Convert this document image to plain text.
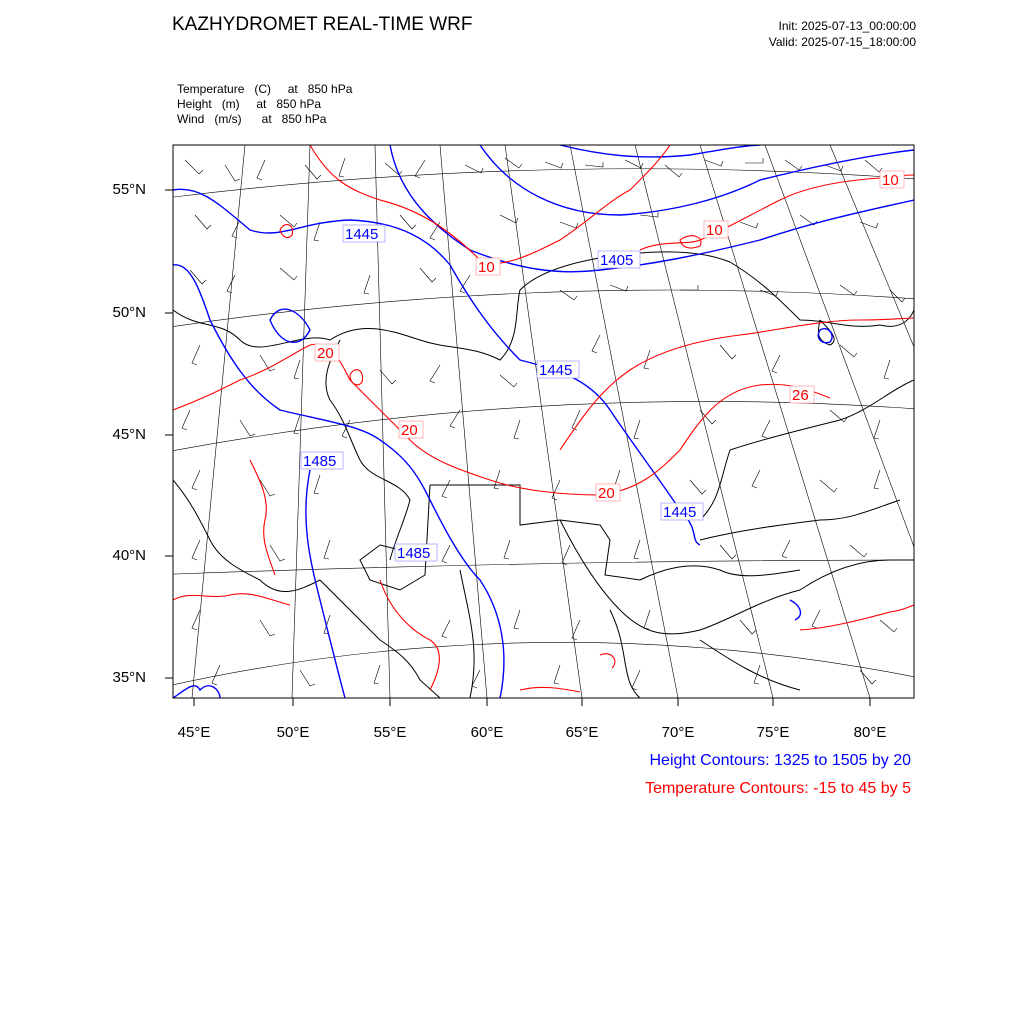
KAZHYDROMET REAL-TIME WRF	Init: 2025-07-13_00:00:00
Valid: 2025-07-15_18:00:00
Temperature   (C)     at   850 hPa
Height   (m)     at   850 hPa
Wind   (m/s)      at   850 hPa
1445
1405
1445
1485
1485
1445
10
10
10
20
20
20
26
55°N
50°N
45°N
40°N
35°N
45°E	50°E	55°E	60°E	65°E	70°E	75°E	80°E
Height Contours: 1325 to 1505 by 20
Temperature Contours: -15 to 45 by 5
